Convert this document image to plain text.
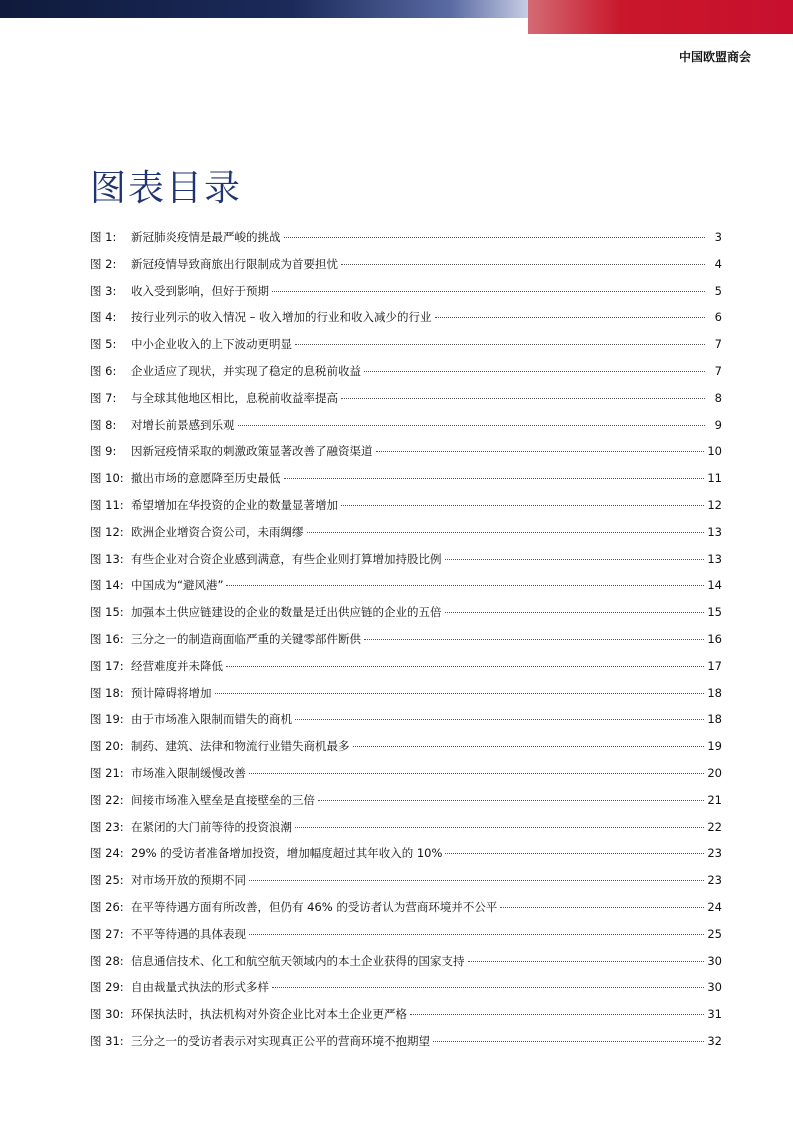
中国欧盟商会
图表目录
图 1:	新冠肺炎疫情是最严峻的挑战	3
图 2:	新冠疫情导致商旅出行限制成为首要担忧	4
图 3:	收入受到影响，但好于预期	5
图 4:	按行业列示的收入情况 – 收入增加的行业和收入减少的行业	6
图 5:	中小企业收入的上下波动更明显	7
图 6:	企业适应了现状，并实现了稳定的息税前收益	7
图 7:	与全球其他地区相比，息税前收益率提高	8
图 8:	对增长前景感到乐观	9
图 9:	因新冠疫情采取的刺激政策显著改善了融资渠道	10
图 10: 撤出市场的意愿降至历史最低	11
图 11: 希望增加在华投资的企业的数量显著增加	12
图 12: 欧洲企业增资合资公司，未雨绸缪	13
图 13: 有些企业对合资企业感到满意，有些企业则打算增加持股比例	13
图 14: 中国成为“避风港”	14
图 15: 加强本土供应链建设的企业的数量是迁出供应链的企业的五倍	15
图 16: 三分之一的制造商面临严重的关键零部件断供	16
图 17: 经营难度并未降低	17
图 18: 预计障碍将增加	18
图 19: 由于市场准入限制而错失的商机	18
图 20: 制药、建筑、法律和物流行业错失商机最多	19
图 21: 市场准入限制缓慢改善	20
图 22: 间接市场准入壁垒是直接壁垒的三倍	21
图 23: 在紧闭的大门前等待的投资浪潮	22
图 24: 29% 的受访者准备增加投资，增加幅度超过其年收入的 10%	23
图 25: 对市场开放的预期不同	23
图 26: 在平等待遇方面有所改善，但仍有 46% 的受访者认为营商环境并不公平	24
图 27: 不平等待遇的具体表现	25
图 28: 信息通信技术、化工和航空航天领域内的本土企业获得的国家支持	30
图 29: 自由裁量式执法的形式多样	30
图 30: 环保执法时，执法机构对外资企业比对本土企业更严格	31
图 31: 三分之一的受访者表示对实现真正公平的营商环境不抱期望	32
